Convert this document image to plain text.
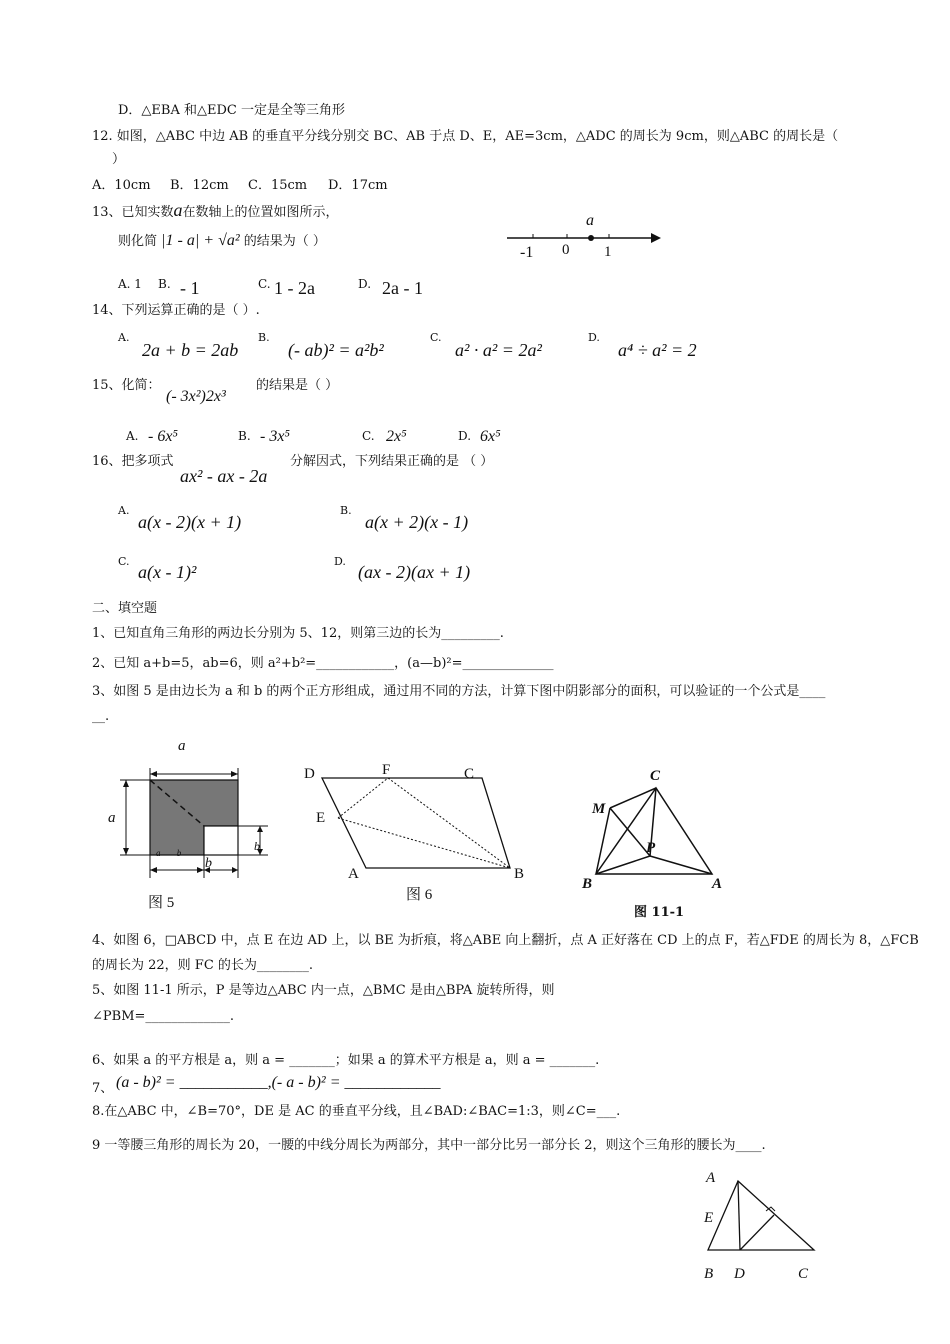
D．△EBA 和△EDC 一定是全等三角形
12. 如图，△ABC 中边 AB 的垂直平分线分别交 BC、AB 于点 D、E，AE=3cm，△ADC 的周长为 9cm，则△ABC 的周长是（
）
A．10cm B．12cm C．15cm D．17cm
13、已知实数a在数轴上的位置如图所示，
则化简 |1 - a| + √a² 的结果为（ ）
a
-1 0 1
A. 1 B. - 1	C. 1 - 2a	D. 2a - 1
14、下列运算正确的是（ ）.
A.
2a + b = 2ab
B.
(- ab)² = a²b²
C.
a² · a² = 2a²
D.
a⁴ ÷ a² = 2
15、化简：
(- 3x²)2x³
的结果是（ ）
A. - 6x⁵	B. - 3x⁵	C. 2x⁵	D. 6x⁵
16、把多项式
ax² - ax - 2a
分解因式，下列结果正确的是 （ ）
A.
a(x - 2)(x + 1)
B.
a(x + 2)(x - 1)
C.
a(x - 1)²
D.
(ax - 2)(ax + 1)
二、填空题
1、已知直角三角形的两边长分别为 5、12，则第三边的长为_________.
2、已知 a+b=5，ab=6，则 a²+b²=____________，(a—b)²=______________
3、如图 5 是由边长为 a 和 b 的两个正方形组成，通过用不同的方法，计算下图中阴影部分的面积，可以验证的一个公式是____
__.
a
a
b
b
a b
图 5
D	F	C
E
A	B
图 6
C
M
P
B	A
图 11-1
4、如图 6，□ABCD 中，点 E 在边 AD 上，以 BE 为折痕，将△ABE 向上翻折，点 A 正好落在 CD 上的点 F，若△FDE 的周长为 8，△FCB
的周长为 22，则 FC 的长为________.
5、如图 11-1 所示，P 是等边△ABC 内一点，△BMC 是由△BPA 旋转所得，则
∠PBM=_____________.
6、如果 a 的平方根是 a，则 a = _______；如果 a 的算术平方根是 a，则 a = _______.
7、 (a - b)² = ___________,(- a - b)² = ____________
8.在△ABC 中，∠B=70°，DE 是 AC 的垂直平分线，且∠BAD:∠BAC=1:3，则∠C=___.
9 一等腰三角形的周长为 20，一腰的中线分周长为两部分，其中一部分比另一部分长 2，则这个三角形的腰长为____.
A
E
B D	C
